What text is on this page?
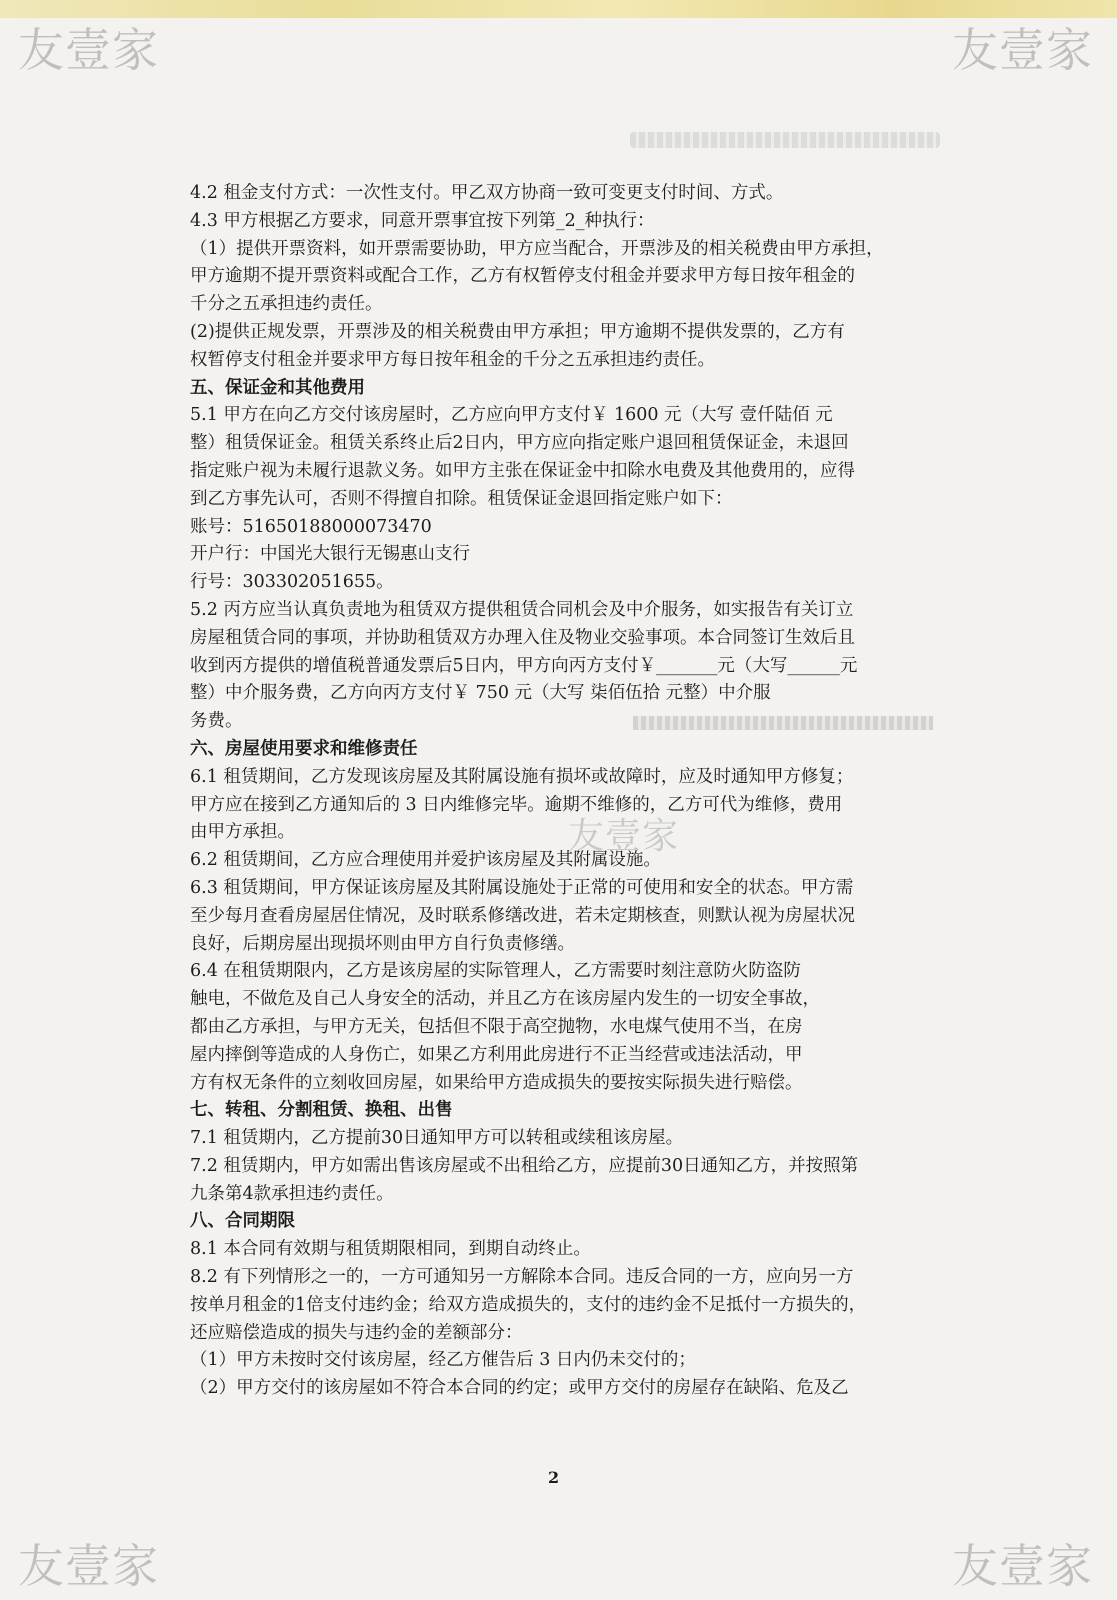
友壹家	友壹家
友壹家	友壹家
友壹家
4.2 租金支付方式：一次性支付。甲乙双方协商一致可变更支付时间、方式。
4.3 甲方根据乙方要求，同意开票事宜按下列第_2_种执行：
（1）提供开票资料，如开票需要协助，甲方应当配合，开票涉及的相关税费由甲方承担，
甲方逾期不提开票资料或配合工作，乙方有权暂停支付租金并要求甲方每日按年租金的
千分之五承担违约责任。
(2)提供正规发票，开票涉及的相关税费由甲方承担；甲方逾期不提供发票的，乙方有
权暂停支付租金并要求甲方每日按年租金的千分之五承担违约责任。
五、保证金和其他费用
5.1 甲方在向乙方交付该房屋时，乙方应向甲方支付￥ 1600 元（大写 壹仟陆佰 元
整）租赁保证金。租赁关系终止后2日内，甲方应向指定账户退回租赁保证金，未退回
指定账户视为未履行退款义务。如甲方主张在保证金中扣除水电费及其他费用的，应得
到乙方事先认可，否则不得擅自扣除。租赁保证金退回指定账户如下：
账号：51650188000073470
开户行：中国光大银行无锡惠山支行
行号：303302051655。
5.2 丙方应当认真负责地为租赁双方提供租赁合同机会及中介服务，如实报告有关订立
房屋租赁合同的事项，并协助租赁双方办理入住及物业交验事项。本合同签订生效后且
收到丙方提供的增值税普通发票后5日内，甲方向丙方支付￥_______元（大写______元
整）中介服务费，乙方向丙方支付￥ 750 元（大写 柒佰伍拾 元整）中介服
务费。
六、房屋使用要求和维修责任
6.1 租赁期间，乙方发现该房屋及其附属设施有损坏或故障时，应及时通知甲方修复；
甲方应在接到乙方通知后的 3 日内维修完毕。逾期不维修的，乙方可代为维修，费用
由甲方承担。
6.2 租赁期间，乙方应合理使用并爱护该房屋及其附属设施。
6.3 租赁期间，甲方保证该房屋及其附属设施处于正常的可使用和安全的状态。甲方需
至少每月查看房屋居住情况，及时联系修缮改进，若未定期核查，则默认视为房屋状况
良好，后期房屋出现损坏则由甲方自行负责修缮。
6.4 在租赁期限内，乙方是该房屋的实际管理人，乙方需要时刻注意防火防盗防
触电，不做危及自己人身安全的活动，并且乙方在该房屋内发生的一切安全事故，
都由乙方承担，与甲方无关，包括但不限于高空抛物，水电煤气使用不当，在房
屋内摔倒等造成的人身伤亡，如果乙方利用此房进行不正当经营或违法活动，甲
方有权无条件的立刻收回房屋，如果给甲方造成损失的要按实际损失进行赔偿。
七、转租、分割租赁、换租、出售
7.1 租赁期内，乙方提前30日通知甲方可以转租或续租该房屋。
7.2 租赁期内，甲方如需出售该房屋或不出租给乙方，应提前30日通知乙方，并按照第
九条第4款承担违约责任。
八、合同期限
8.1 本合同有效期与租赁期限相同，到期自动终止。
8.2 有下列情形之一的，一方可通知另一方解除本合同。违反合同的一方，应向另一方
按单月租金的1倍支付违约金；给双方造成损失的，支付的违约金不足抵付一方损失的，
还应赔偿造成的损失与违约金的差额部分：
（1）甲方未按时交付该房屋，经乙方催告后 3 日内仍未交付的；
（2）甲方交付的该房屋如不符合本合同的约定；或甲方交付的房屋存在缺陷、危及乙
2
